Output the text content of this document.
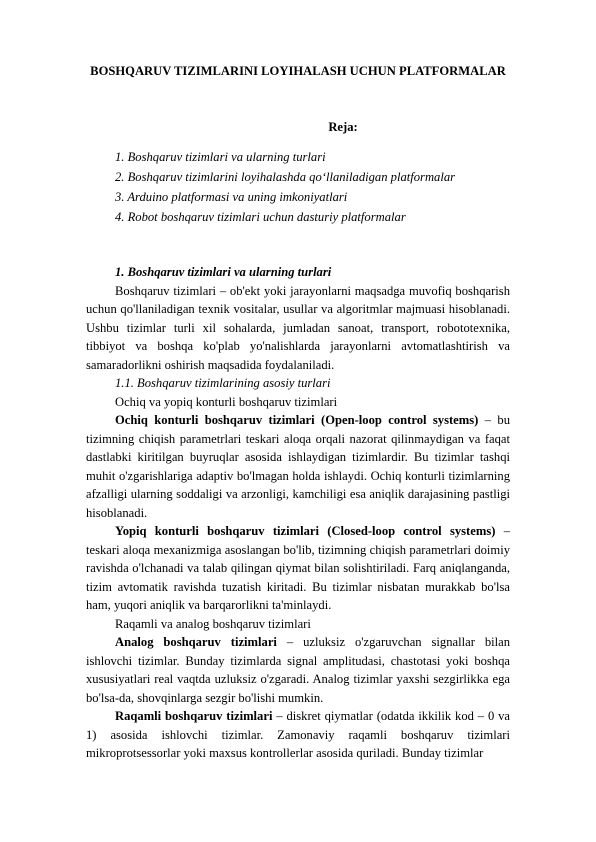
BOSHQARUV TIZIMLARINI LOYIHALASH UCHUN PLATFORMALAR
Reja:
1. Boshqaruv tizimlari va ularning turlari
2. Boshqaruv tizimlarini loyihalashda qo‘llaniladigan platformalar
3. Arduino platformasi va uning imkoniyatlari
4. Robot boshqaruv tizimlari uchun dasturiy platformalar

1. Boshqaruv tizimlari va ularning turlari

Boshqaruv tizimlari – ob'ekt yoki jarayonlarni maqsadga muvofiq boshqarish uchun qo'llaniladigan texnik vositalar, usullar va algoritmlar majmuasi hisoblanadi. Ushbu tizimlar turli xil sohalarda, jumladan sanoat, transport, robototexnika, tibbiyot va boshqa ko'plab yo'nalishlarda jarayonlarni avtomatlashtirish va samaradorlikni oshirish maqsadida foydalaniladi.

1.1. Boshqaruv tizimlarining asosiy turlari

Ochiq va yopiq konturli boshqaruv tizimlari

Ochiq konturli boshqaruv tizimlari (Open-loop control systems) – bu tizimning chiqish parametrlari teskari aloqa orqali nazorat qilinmaydigan va faqat dastlabki kiritilgan buyruqlar asosida ishlaydigan tizimlardir. Bu tizimlar tashqi muhit o'zgarishlariga adaptiv bo'lmagan holda ishlaydi. Ochiq konturli tizimlarning afzalligi ularning soddaligi va arzonligi, kamchiligi esa aniqlik darajasining pastligi hisoblanadi.

Yopiq konturli boshqaruv tizimlari (Closed-loop control systems) – teskari aloqa mexanizmiga asoslangan bo'lib, tizimning chiqish parametrlari doimiy ravishda o'lchanadi va talab qilingan qiymat bilan solishtiriladi. Farq aniqlanganda, tizim avtomatik ravishda tuzatish kiritadi. Bu tizimlar nisbatan murakkab bo'lsa ham, yuqori aniqlik va barqarorlikni ta'minlaydi.

Raqamli va analog boshqaruv tizimlari

Analog boshqaruv tizimlari – uzluksiz o'zgaruvchan signallar bilan ishlovchi tizimlar. Bunday tizimlarda signal amplitudasi, chastotasi yoki boshqa xususiyatlari real vaqtda uzluksiz o'zgaradi. Analog tizimlar yaxshi sezgirlikka ega bo'lsa-da, shovqinlarga sezgir bo'lishi mumkin.

Raqamli boshqaruv tizimlari – diskret qiymatlar (odatda ikkilik kod – 0 va 1) asosida ishlovchi tizimlar. Zamonaviy raqamli boshqaruv tizimlari mikroprotsessorlar yoki maxsus kontrollerlar asosida quriladi. Bunday tizimlar
